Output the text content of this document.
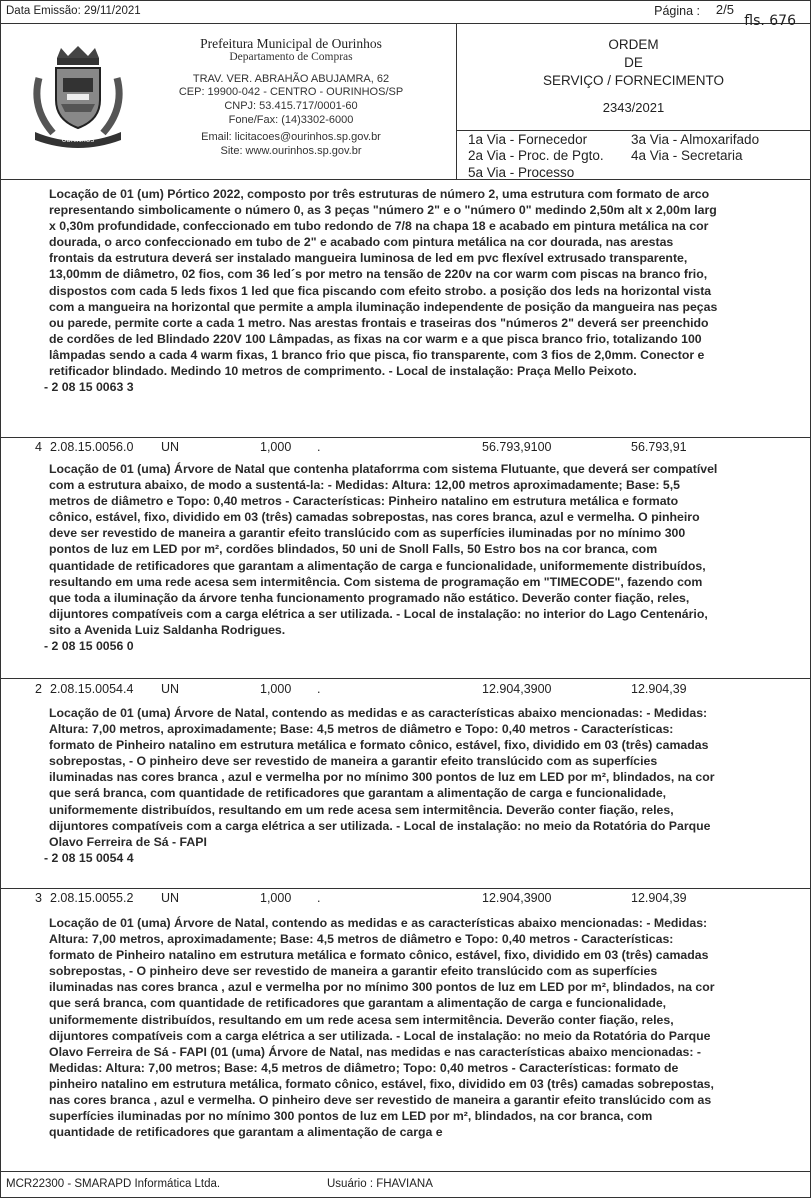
Data Emissão: 29/11/2021	Página : 2/5
fls. 676
OURINHOS
Prefeitura Municipal de Ourinhos
Departamento de Compras
TRAV. VER. ABRAHÃO ABUJAMRA, 62
CEP: 19900-042 - CENTRO - OURINHOS/SP
CNPJ: 53.415.717/0001-60
Fone/Fax: (14)3302-6000
Email: licitacoes@ourinhos.sp.gov.br
Site: www.ourinhos.sp.gov.br
ORDEM
DE
SERVIÇO / FORNECIMENTO
2343/2021
1a Via - Fornecedor	3a Via - Almoxarifado
2a Via - Proc. de Pgto. 4a Via - Secretaria
5a Via - Processo

Locação de 01 (um) Pórtico 2022, composto por três estruturas de número 2, uma estrutura com formato de arco representando simbolicamente o número 0, as 3 peças "número 2" e o "número 0" medindo 2,50m alt x 2,00m larg x 0,30m profundidade, confeccionado em tubo redondo de 7/8 na chapa 18 e acabado em pintura metálica na cor dourada, o arco confeccionado em tubo de 2" e acabado com pintura metálica na cor dourada, nas arestas frontais da estrutura deverá ser instalado mangueira luminosa de led em pvc flexível extrusado transparente, 13,00mm de diâmetro, 02 fios, com 36 led´s por metro na tensão de 220v na cor warm com piscas na branco frio, dispostos com cada 5 leds fixos 1 led que fica piscando com efeito strobo. a posição dos leds na horizontal vista com a mangueira na horizontal que permite a ampla iluminação independente de posição da mangueira nas peças ou parede, permite corte a cada 1 metro. Nas arestas frontais e traseiras dos "números 2" deverá ser preenchido de cordões de led Blindado 220V 100 Lâmpadas, as fixas na cor warm e a que pisca branco frio, totalizando 100 lâmpadas sendo a cada 4 warm fixas, 1 branco frio que pisca, fio transparente, com 3 fios de 2,0mm. Conector e retificador blindado. Medindo 10 metros de comprimento. - Local de instalação: Praça Mello Peixoto.

- 2 08 15 0063 3
4 2.08.15.0056.0 UN	1,000 .	56.793,9100	56.793,91

Locação de 01 (uma) Árvore de Natal que contenha plataforrma com sistema Flutuante, que deverá ser compatível com a estrutura abaixo, de modo a sustentá-la: - Medidas: Altura: 12,00 metros aproximadamente; Base: 5,5 metros de diâmetro e Topo: 0,40 metros - Características: Pinheiro natalino em estrutura metálica e formato cônico, estável, fixo, dividido em 03 (três) camadas sobrepostas, nas cores branca, azul e vermelha. O pinheiro deve ser revestido de maneira a garantir efeito translúcido com as superfícies iluminadas por no mínimo 300 pontos de luz em LED por m², cordões blindados, 50 uni de Snoll Falls, 50 Estro bos na cor branca, com quantidade de retificadores que garantam a alimentação de carga e funcionalidade, uniformemente distribuídos, resultando em uma rede acesa sem intermitência. Com sistema de programação em "TIMECODE", fazendo com que toda a iluminação da árvore tenha funcionamento programado não estático. Deverão conter fiação, reles, dijuntores compatíveis com a carga elétrica a ser utilizada. - Local de instalação: no interior do Lago Centenário, sito a Avenida Luiz Saldanha Rodrigues.

- 2 08 15 0056 0
2 2.08.15.0054.4 UN	1,000 .	12.904,3900	12.904,39

Locação de 01 (uma) Árvore de Natal, contendo as medidas e as características abaixo mencionadas: - Medidas: Altura: 7,00 metros, aproximadamente; Base: 4,5 metros de diâmetro e Topo: 0,40 metros - Características: formato de Pinheiro natalino em estrutura metálica e formato cônico, estável, fixo, dividido em 03 (três) camadas sobrepostas, - O pinheiro deve ser revestido de maneira a garantir efeito translúcido com as superfícies iluminadas nas cores branca , azul e vermelha por no mínimo 300 pontos de luz em LED por m², blindados, na cor que será branca, com quantidade de retificadores que garantam a alimentação de carga e funcionalidade, uniformemente distribuídos, resultando em um rede acesa sem intermitência. Deverão conter fiação, reles, dijuntores compatíveis com a carga elétrica a ser utilizada. - Local de instalação: no meio da Rotatória do Parque Olavo Ferreira de Sá - FAPI

- 2 08 15 0054 4
3 2.08.15.0055.2 UN	1,000 .	12.904,3900	12.904,39

Locação de 01 (uma) Árvore de Natal, contendo as medidas e as características abaixo mencionadas: - Medidas: Altura: 7,00 metros, aproximadamente; Base: 4,5 metros de diâmetro e Topo: 0,40 metros - Características: formato de Pinheiro natalino em estrutura metálica e formato cônico, estável, fixo, dividido em 03 (três) camadas sobrepostas, - O pinheiro deve ser revestido de maneira a garantir efeito translúcido com as superfícies iluminadas nas cores branca , azul e vermelha por no mínimo 300 pontos de luz em LED por m², blindados, na cor que será branca, com quantidade de retificadores que garantam a alimentação de carga e funcionalidade, uniformemente distribuídos, resultando em um rede acesa sem intermitência. Deverão conter fiação, reles, dijuntores compatíveis com a carga elétrica a ser utilizada. - Local de instalação: no meio da Rotatória do Parque Olavo Ferreira de Sá - FAPI (01 (uma) Árvore de Natal, nas medidas e nas características abaixo mencionadas: - Medidas: Altura: 7,00 metros; Base: 4,5 metros de diâmetro; Topo: 0,40 metros - Características: formato de pinheiro natalino em estrutura metálica, formato cônico, estável, fixo, dividido em 03 (três) camadas sobrepostas, nas cores branca , azul e vermelha. O pinheiro deve ser revestido de maneira a garantir efeito translúcido com as superfícies iluminadas por no mínimo 300 pontos de luz em LED por m², blindados, na cor branca, com quantidade de retificadores que garantam a alimentação de carga e

MCR22300 - SMARAPD Informática Ltda.	Usuário : FHAVIANA
